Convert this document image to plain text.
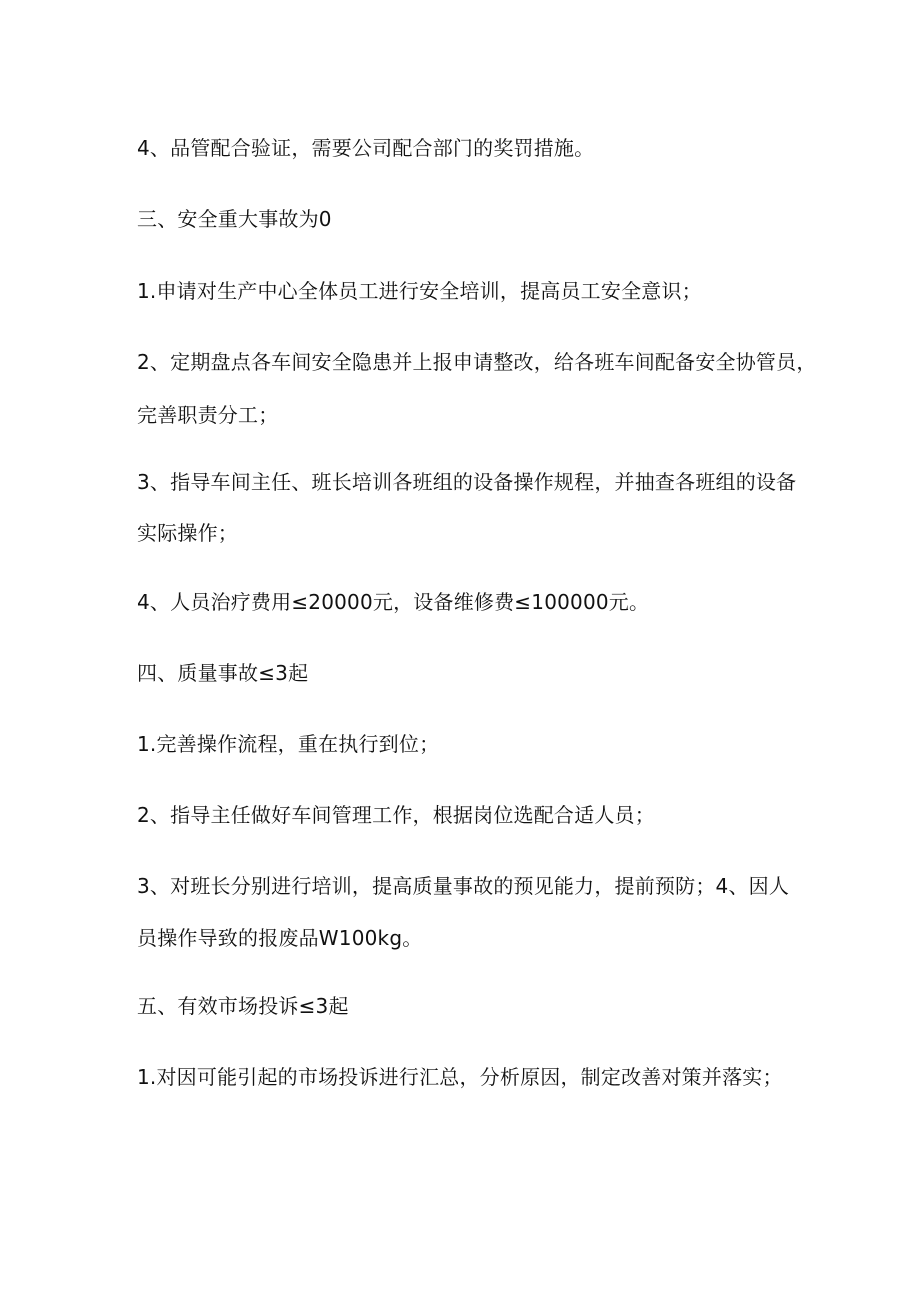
4、品管配合验证，需要公司配合部门的奖罚措施。
三、安全重大事故为0
1.申请对生产中心全体员工进行安全培训，提高员工安全意识；
2、定期盘点各车间安全隐患并上报申请整改，给各班车间配备安全协管员，
完善职责分工；
3、指导车间主任、班长培训各班组的设备操作规程，并抽查各班组的设备
实际操作；
4、人员治疗费用≤20000元，设备维修费≤100000元。
四、质量事故≤3起
1.完善操作流程，重在执行到位；
2、指导主任做好车间管理工作，根据岗位选配合适人员；
3、对班长分别进行培训，提高质量事故的预见能力，提前预防；4、因人
员操作导致的报废品W100kg。
五、有效市场投诉≤3起
1.对因可能引起的市场投诉进行汇总，分析原因，制定改善对策并落实；
